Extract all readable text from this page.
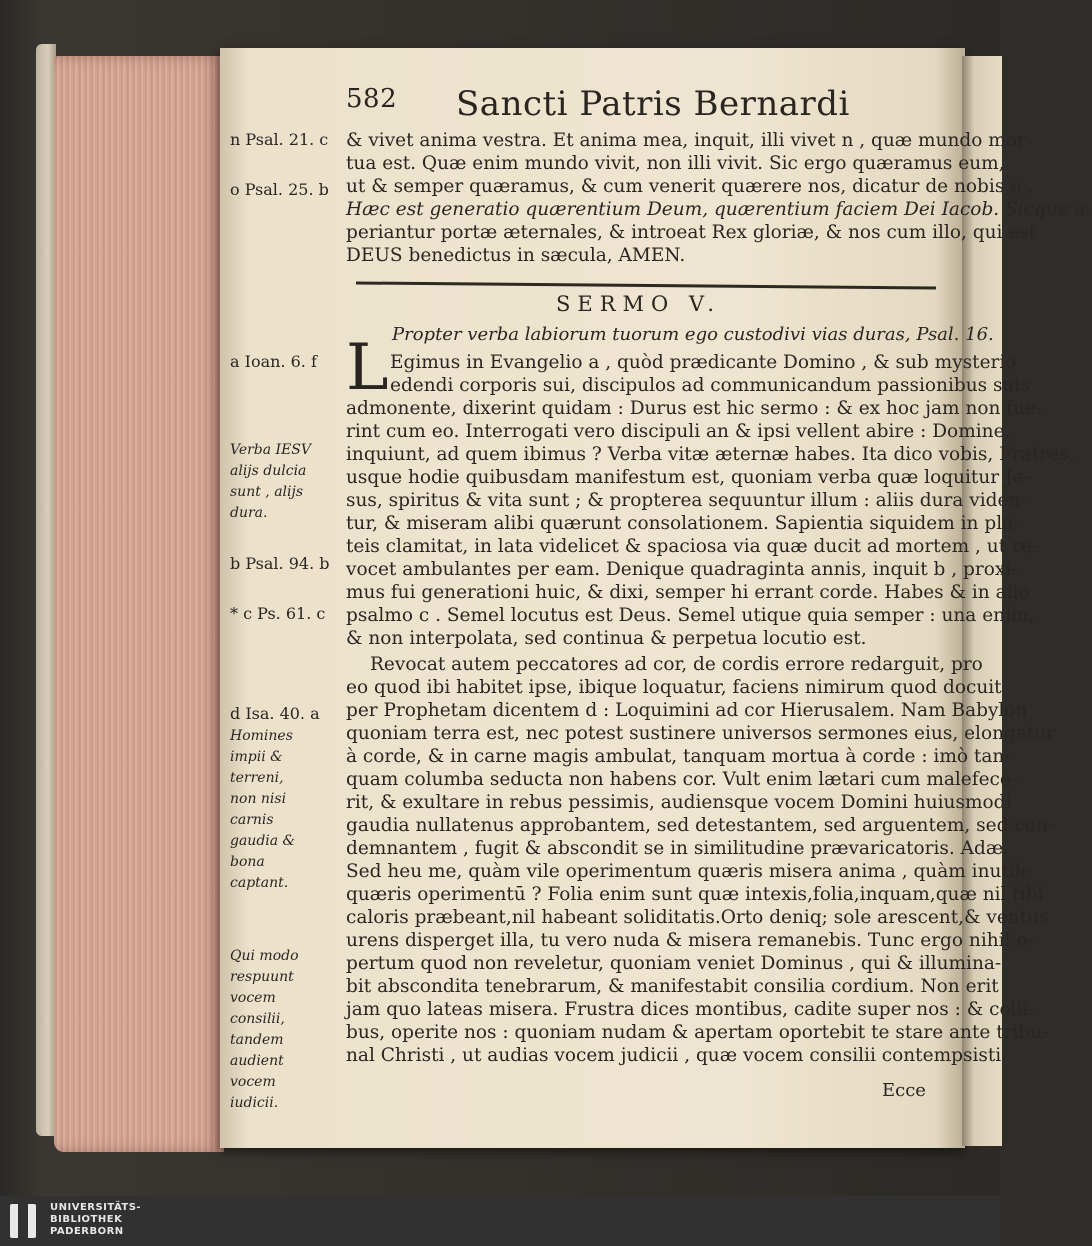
582 Sancti Patris Bernardi
n Psal. 21. c
o Psal. 25. b
a Ioan. 6. f
Verba IESV alijs dulcia sunt , alijs dura.
b Psal. 94. b
* c Ps. 61. c
d Isa. 40. a
Homines impii & terreni, non nisi carnis gaudia & bona captant.
Qui modo respuunt vocem consilii, tandem audient vocem iudicii.
& vivet anima vestra. Et anima mea, inquit, illi vivet n , quæ mundo mor-
tua est. Quæ enim mundo vivit, non illi vivit. Sic ergo quæramus eum,
ut & semper quæramus, & cum venerit quærere nos, dicatur de nobis o .
Hæc est generatio quærentium Deum, quærentium faciem Dei Iacob. Sicque a-
periantur portæ æternales, & introeat Rex gloriæ, & nos cum illo, qui est
DEUS benedictus in sæcula, AMEN.
SERMO V.
Propter verba labiorum tuorum ego custodivi vias duras, Psal. 16.
L Egimus in Evangelio a , quòd prædicante Domino , & sub mysterio
edendi corporis sui, discipulos ad communicandum passionibus suis
admonente, dixerint quidam : Durus est hic sermo : & ex hoc jam non fue-
rint cum eo. Interrogati vero discipuli an & ipsi vellent abire : Domine,
inquiunt, ad quem ibimus ? Verba vitæ æternæ habes. Ita dico vobis, Fratres,
usque hodie quibusdam manifestum est, quoniam verba quæ loquitur Je-
sus, spiritus & vita sunt ; & propterea sequuntur illum : aliis dura viden-
tur, & miseram alibi quærunt consolationem. Sapientia siquidem in pla-
teis clamitat, in lata videlicet & spaciosa via quæ ducit ad mortem , ut re-
vocet ambulantes per eam. Denique quadraginta annis, inquit b , proxi-
mus fui generationi huic, & dixi, semper hi errant corde. Habes & in alio
psalmo c . Semel locutus est Deus. Semel utique quia semper : una enim,
& non interpolata, sed continua & perpetua locutio est.
Revocat autem peccatores ad cor, de cordis errore redarguit, pro
eo quod ibi habitet ipse, ibique loquatur, faciens nimirum quod docuit
per Prophetam dicentem d : Loquimini ad cor Hierusalem. Nam Babylon
quoniam terra est, nec potest sustinere universos sermones eius, elongatur
à corde, & in carne magis ambulat, tanquam mortua à corde : imò tan-
quam columba seducta non habens cor. Vult enim lætari cum malefece-
rit, & exultare in rebus pessimis, audiensque vocem Domini huiusmodi
gaudia nullatenus approbantem, sed detestantem, sed arguentem, sed con-
demnantem , fugit & abscondit se in similitudine prævaricatoris. Adæ.
Sed heu me, quàm vile operimentum quæris misera anima , quàm inutile
quæris operimentū ? Folia enim sunt quæ intexis,folia,inquam,quæ nil tibi
caloris præbeant,nil habeant soliditatis.Orto deniq; sole arescent,& ventus
urens disperget illa, tu vero nuda & misera remanebis. Tunc ergo nihil o-
pertum quod non reveletur, quoniam veniet Dominus , qui & illumina-
bit abscondita tenebrarum, & manifestabit consilia cordium. Non erit
jam quo lateas misera. Frustra dices montibus, cadite super nos : & colli-
bus, operite nos : quoniam nudam & apertam oportebit te stare ante tribu-
nal Christi , ut audias vocem judicii , quæ vocem consilii contempsisti.
Ecce
UNIVERSITÄTS-
BIBLIOTHEK
PADERBORN
